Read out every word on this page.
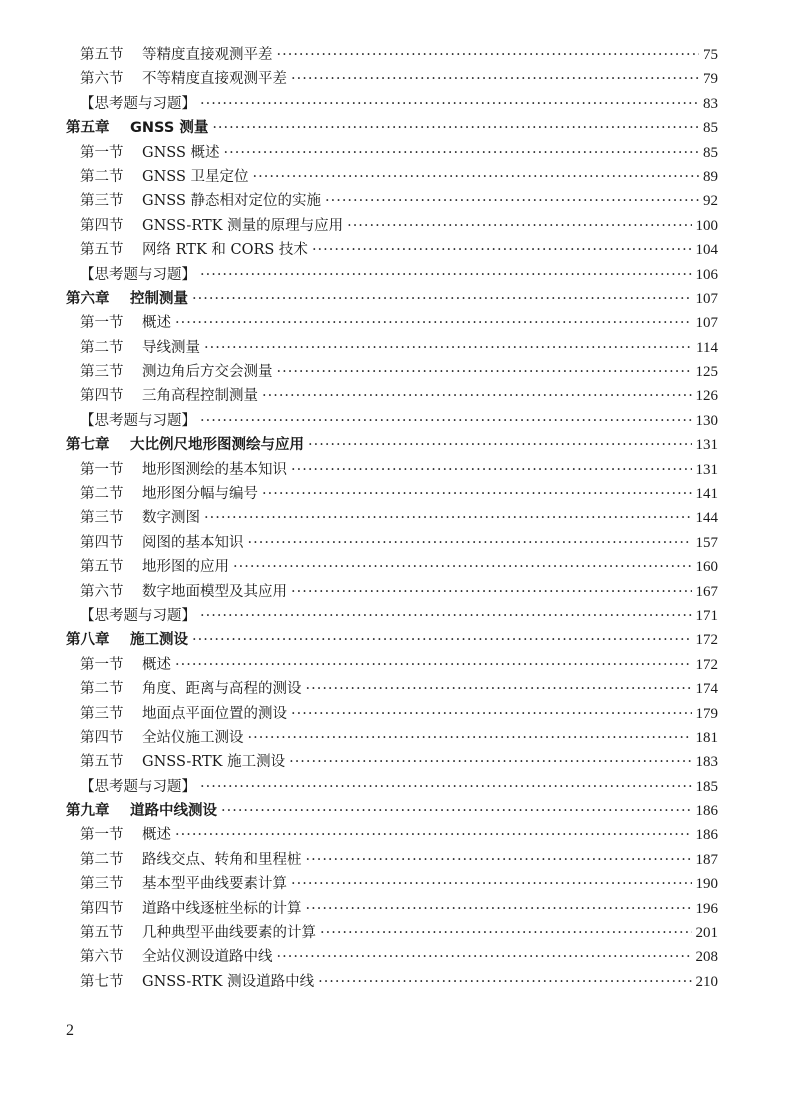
第五节 等精度直接观测平差 ·····	75
第六节 不等精度直接观测平差 ·····	79
【思考题与习题】 ·····	83
第五章 GNSS 测量 ·····	85
第一节 GNSS 概述 ·····	85
第二节 GNSS 卫星定位 ·····	89
第三节 GNSS 静态相对定位的实施 ·····	92
第四节 GNSS-RTK 测量的原理与应用 ·····	100
第五节 网络 RTK 和 CORS 技术 ·····	104
【思考题与习题】 ·····	106
第六章 控制测量 ·····	107
第一节 概述 ·····	107
第二节 导线测量 ·····	114
第三节 测边角后方交会测量 ·····	125
第四节 三角高程控制测量 ·····	126
【思考题与习题】 ·····	130
第七章 大比例尺地形图测绘与应用 ·····	131
第一节 地形图测绘的基本知识 ·····	131
第二节 地形图分幅与编号 ·····	141
第三节 数字测图 ·····	144
第四节 阅图的基本知识 ·····	157
第五节 地形图的应用 ·····	160
第六节 数字地面模型及其应用 ·····	167
【思考题与习题】 ·····	171
第八章 施工测设 ·····	172
第一节 概述 ·····	172
第二节 角度、距离与高程的测设 ·····	174
第三节 地面点平面位置的测设 ·····	179
第四节 全站仪施工测设 ·····	181
第五节 GNSS-RTK 施工测设 ·····	183
【思考题与习题】 ·····	185
第九章 道路中线测设 ·····	186
第一节 概述 ·····	186
第二节 路线交点、转角和里程桩 ·····	187
第三节 基本型平曲线要素计算 ·····	190
第四节 道路中线逐桩坐标的计算 ·····	196
第五节 几种典型平曲线要素的计算 ·····	201
第六节 全站仪测设道路中线 ·····	208
第七节 GNSS-RTK 测设道路中线 ·····	210
2
